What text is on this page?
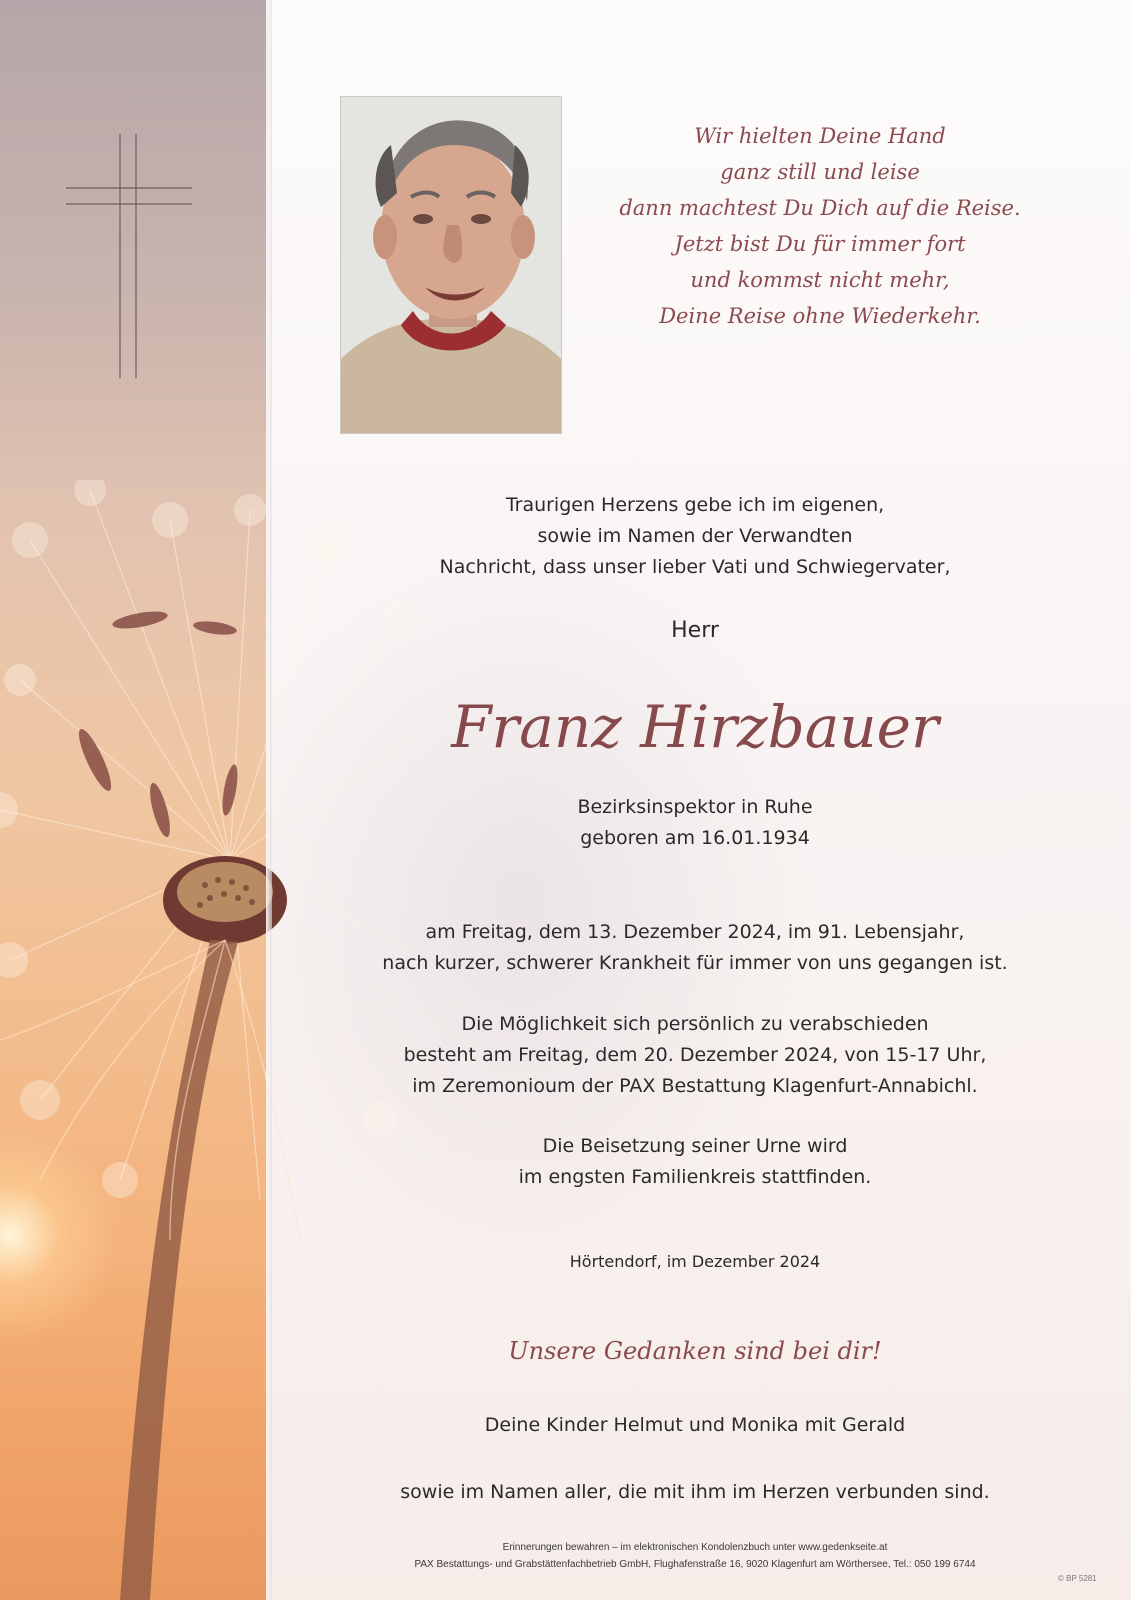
Wir hielten Deine Hand
ganz still und leise
dann machtest Du Dich auf die Reise.
Jetzt bist Du für immer fort
und kommst nicht mehr,
Deine Reise ohne Wiederkehr.
Traurigen Herzens gebe ich im eigenen,
sowie im Namen der Verwandten
Nachricht, dass unser lieber Vati und Schwiegervater,
Herr
Franz Hirzbauer
Bezirksinspektor in Ruhe
geboren am 16.01.1934
am Freitag, dem 13. Dezember 2024, im 91. Lebensjahr,
nach kurzer, schwerer Krankheit für immer von uns gegangen ist.
Die Möglichkeit sich persönlich zu verabschieden
besteht am Freitag, dem 20. Dezember 2024, von 15-17 Uhr,
im Zeremonioum der PAX Bestattung Klagenfurt-Annabichl.
Die Beisetzung seiner Urne wird
im engsten Familienkreis stattfinden.
Hörtendorf, im Dezember 2024
Unsere Gedanken sind bei dir!
Deine Kinder Helmut und Monika mit Gerald
sowie im Namen aller, die mit ihm im Herzen verbunden sind.
Erinnerungen bewahren – im elektronischen Kondolenzbuch unter www.gedenkseite.at
PAX Bestattungs- und Grabstättenfachbetrieb GmbH, Flughafenstraße 16, 9020 Klagenfurt am Wörthersee, Tel.: 050 199 6744
© BP 5281
